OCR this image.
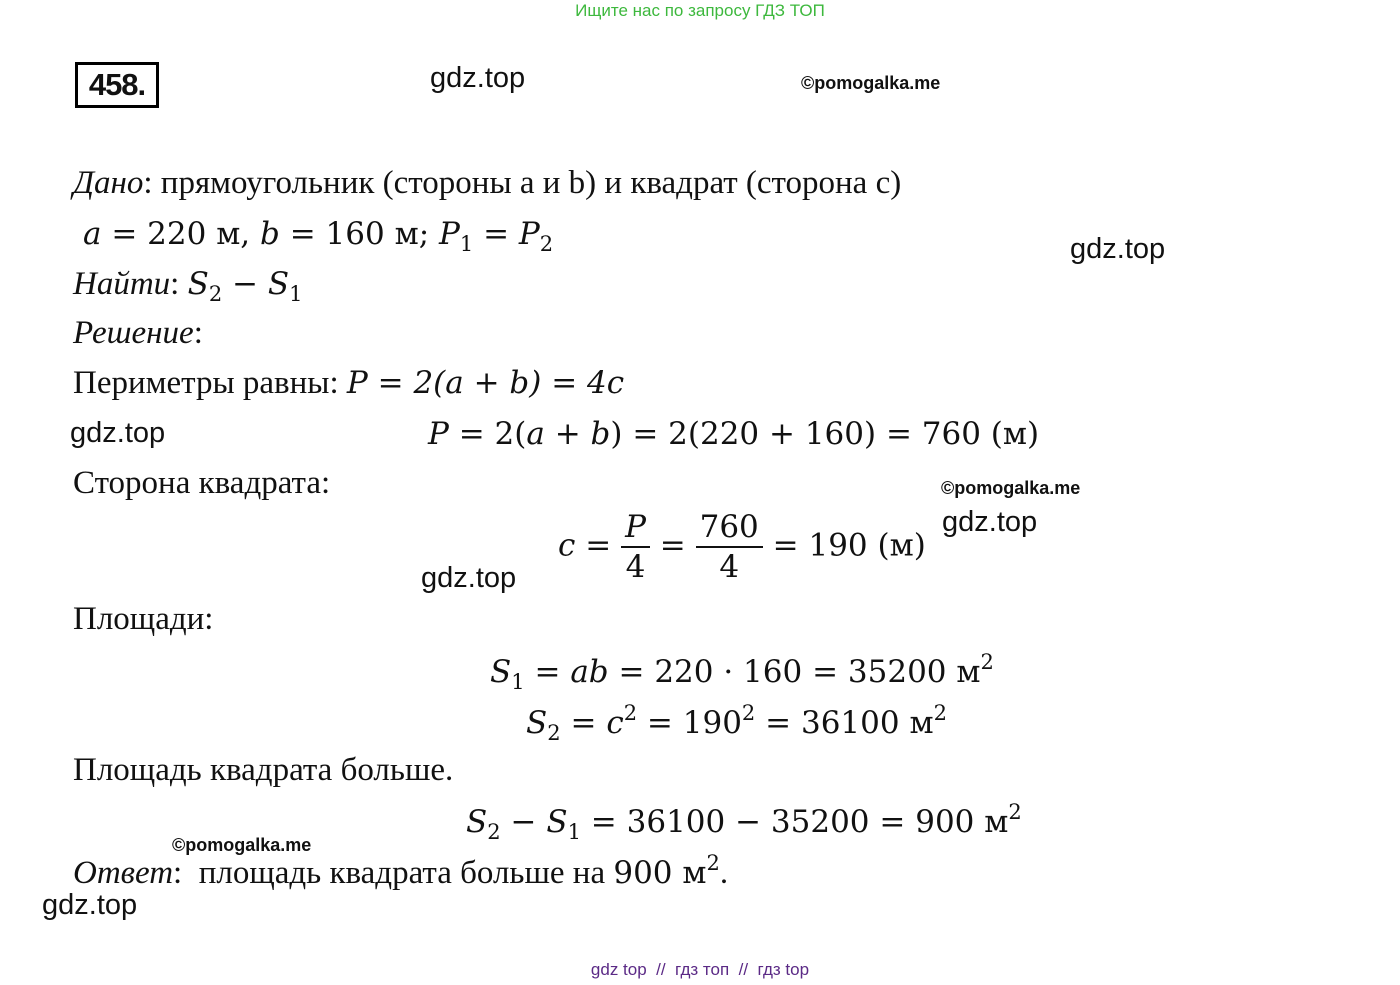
Ищите нас по запросу ГДЗ ТОП
458.	gdz.top	©pomogalka.me
gdz.top
gdz.top
©pomogalka.me
gdz.top
gdz.top
©pomogalka.me
gdz.top
Дано: прямоугольник (стороны a и b) и квадрат (сторона c)
a = 220 м, b = 160 м; $P_1 = P_2$
Найти: $S_2 - S_1$
Решение:
Периметры равны: P = 2(a + b) = 4c
P = 2(a + b) = 2(220 + 160) = 760 (м)
Сторона квадрата:
$c = \frac{P}{4} = \frac{760}{4} = 190$ (м)
Площади:
$S_1$ = ab = 220 · 160 = 35200 $м^2$
$S_2 = c^2 = 190^2 = 36100$ $м^2$
Площадь квадрата больше.
$S_2 - S_1 = 36100 - 35200 = 900$ $м^2$
Ответ:  площадь квадрата больше на 900 $м^2$.
gdz top // гдз топ // гдз top
